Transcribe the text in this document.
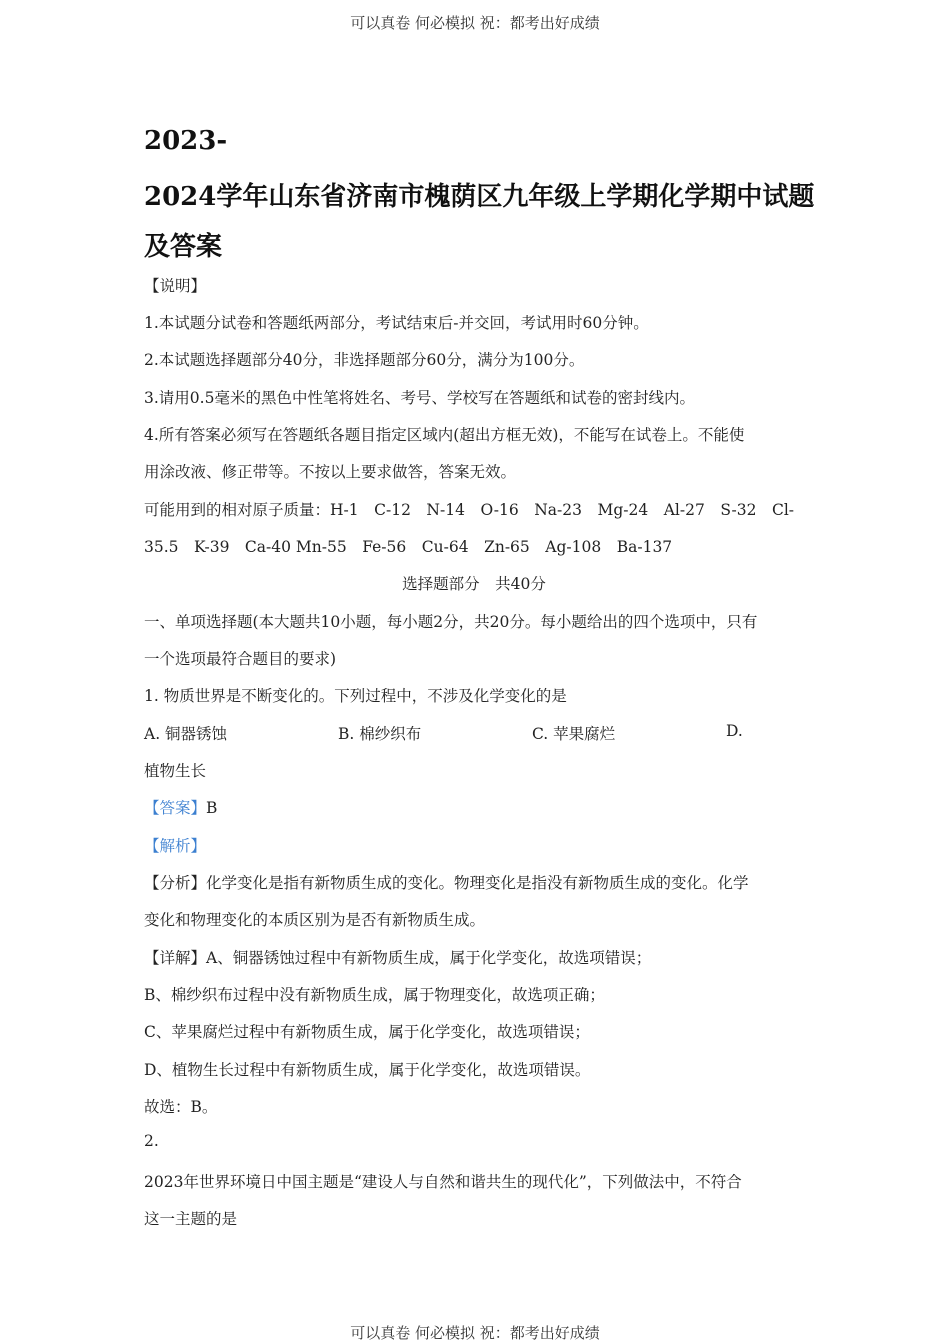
可以真卷 何必模拟 祝：都考出好成绩
2023-
2024学年山东省济南市槐荫区九年级上学期化学期中试题
及答案
【说明】
1.本试题分试卷和答题纸两部分，考试结束后-并交回，考试用时60分钟。
2.本试题选择题部分40分，非选择题部分60分，满分为100分。
3.请用0.5毫米的黑色中性笔将姓名、考号、学校写在答题纸和试卷的密封线内。
4.所有答案必须写在答题纸各题目指定区域内(超出方框无效)，不能写在试卷上。不能使
用涂改液、修正带等。不按以上要求做答，答案无效。
可能用到的相对原子质量：H-1　C-12　N-14　O-16　Na-23　Mg-24　Al-27　S-32　Cl-
35.5　K-39　Ca-40 Mn-55　Fe-56　Cu-64　Zn-65　Ag-108　Ba-137
选择题部分　共40分
一、单项选择题(本大题共10小题，每小题2分，共20分。每小题给出的四个选项中，只有
一个选项最符合题目的要求)
1. 物质世界是不断变化的。下列过程中，不涉及化学变化的是
A. 铜器锈蚀	B. 棉纱织布	C. 苹果腐烂	D.
植物生长
【答案】B
【解析】
【分析】化学变化是指有新物质生成的变化。物理变化是指没有新物质生成的变化。化学
变化和物理变化的本质区别为是否有新物质生成。
【详解】A、铜器锈蚀过程中有新物质生成，属于化学变化，故选项错误；
B、棉纱织布过程中没有新物质生成，属于物理变化，故选项正确；
C、苹果腐烂过程中有新物质生成，属于化学变化，故选项错误；
D、植物生长过程中有新物质生成，属于化学变化，故选项错误。
故选：B。
2.
2023年世界环境日中国主题是“建设人与自然和谐共生的现代化”，下列做法中，不符合
这一主题的是
可以真卷 何必模拟 祝：都考出好成绩
